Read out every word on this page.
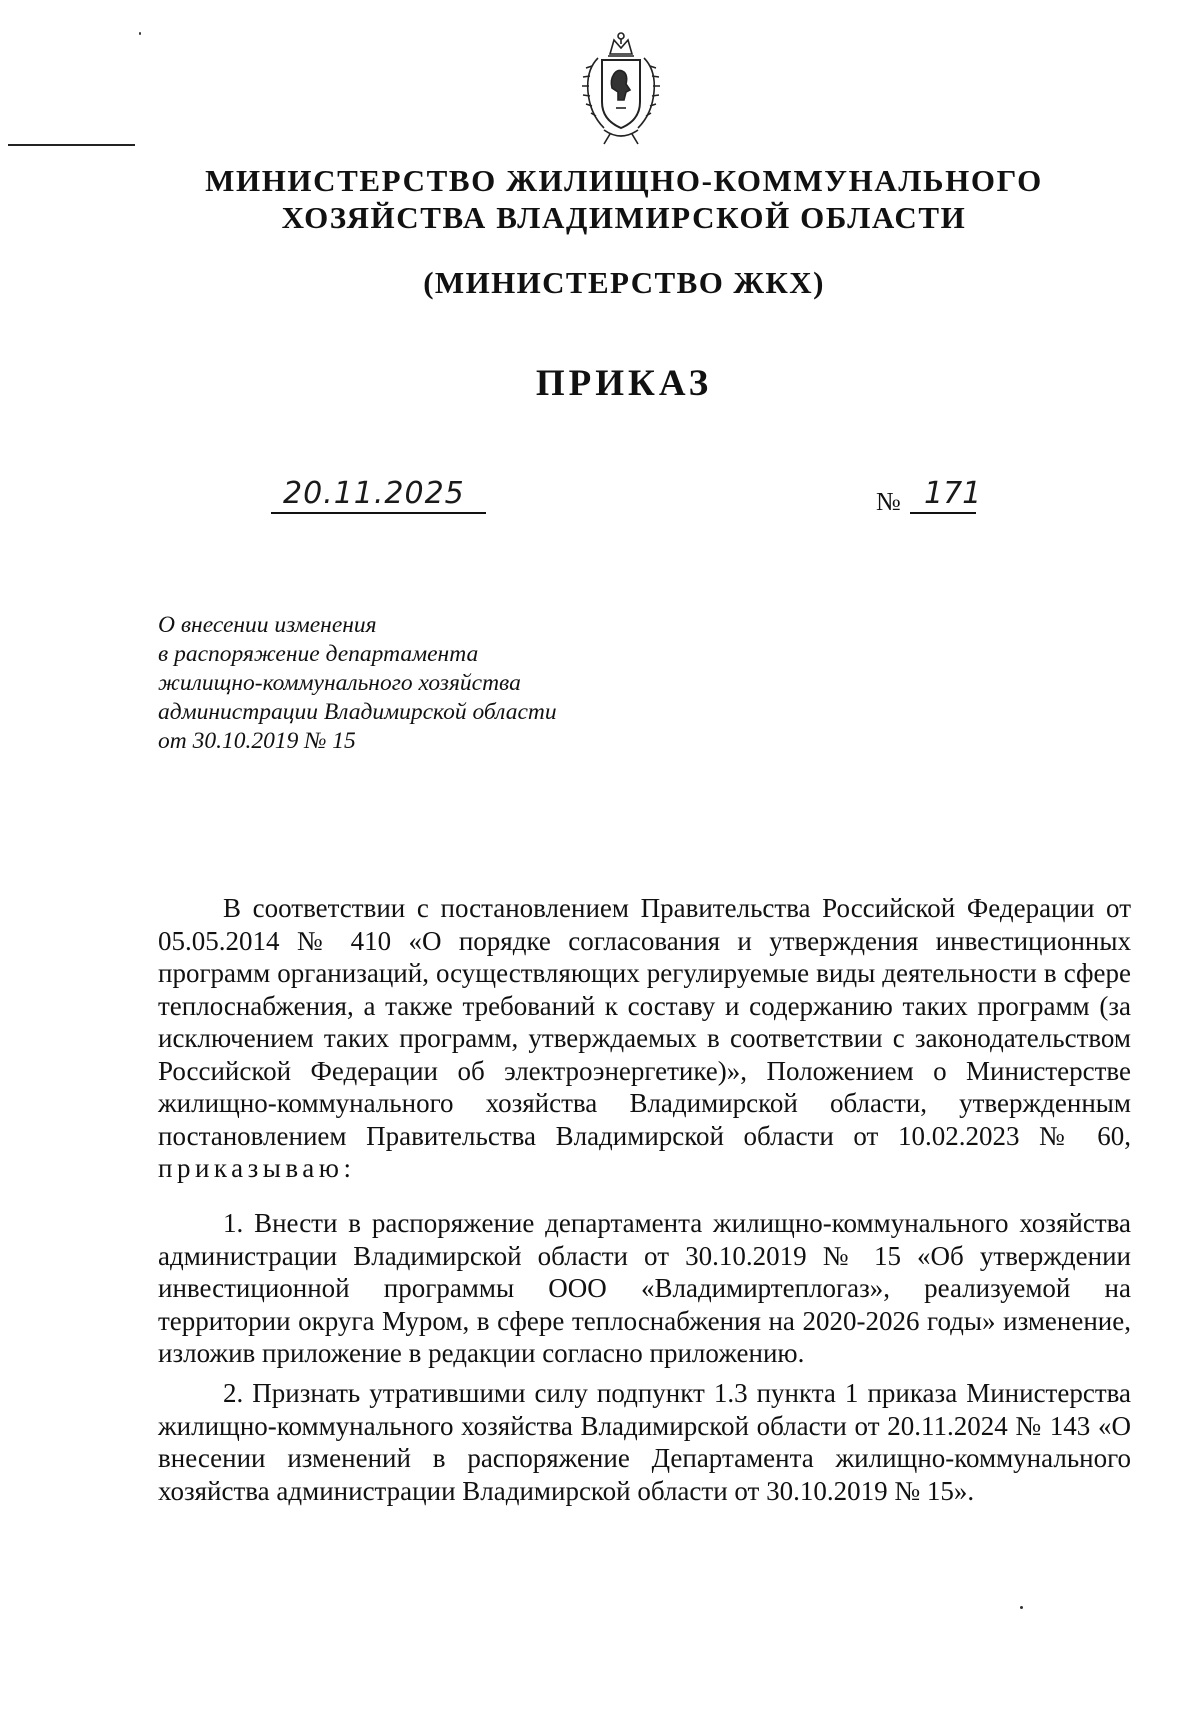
МИНИСТЕРСТВО ЖИЛИЩНО-КОММУНАЛЬНОГО
ХОЗЯЙСТВА ВЛАДИМИРСКОЙ ОБЛАСТИ
(МИНИСТЕРСТВО ЖКХ)
ПРИКАЗ
20.11.2025	№ 171
О внесении изменения
в распоряжение департамента
жилищно-коммунального хозяйства
администрации Владимирской области
от 30.10.2019 № 15

В соответствии с постановлением Правительства Российской Федерации от 05.05.2014 № 410 «О порядке согласования и утверждения инвестиционных программ организаций, осуществляющих регулируемые виды деятельности в сфере теплоснабжения, а также требований к составу и содержанию таких программ (за исключением таких программ, утверждаемых в соответствии с законодательством Российской Федерации об электроэнергетике)», Положением о Министерстве жилищно-коммунального хозяйства Владимирской области, утвержденным постановлением Правительства Владимирской области от 10.02.2023 № 60, приказываю:

1. Внести в распоряжение департамента жилищно-коммунального хозяйства администрации Владимирской области от 30.10.2019 № 15 «Об утверждении инвестиционной программы ООО «Владимиртеплогаз», реализуемой на территории округа Муром, в сфере теплоснабжения на 2020-2026 годы» изменение, изложив приложение в редакции согласно приложению.

2. Признать утратившими силу подпункт 1.3 пункта 1 приказа Министерства жилищно-коммунального хозяйства Владимирской области от 20.11.2024 № 143 «О внесении изменений в распоряжение Департамента жилищно-коммунального хозяйства администрации Владимирской области от 30.10.2019 № 15».
